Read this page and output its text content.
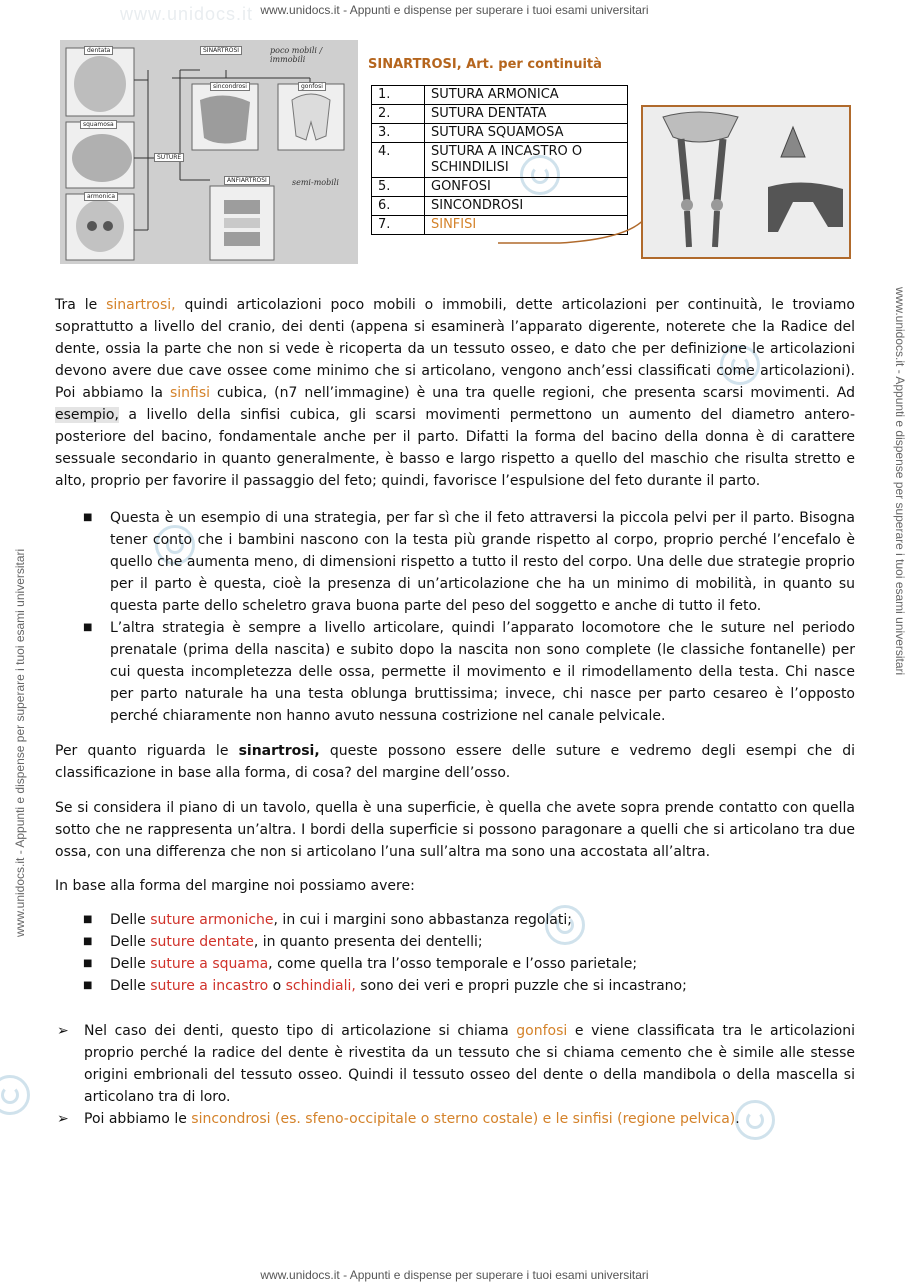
www.unidocs.it - Appunti e dispense per superare i tuoi esami universitari
www.unidocs.it - Appunti e dispense per superare i tuoi esami universitari
www.unidocs.it
www.unidocs.it - Appunti e dispense per superare i tuoi esami universitari
www.unidocs.it - Appunti e dispense per superare i tuoi esami universitari
dentata
squamosa
armonica
SINARTROSI
sincondrosi	gonfosi
SUTURE
ANFIARTROSI
poco mobili / immobili
semi-mobili
SINARTROSI, Art. per continuità
1.	SUTURA ARMONICA
2.	SUTURA DENTATA
3.	SUTURA SQUAMOSA
4.	SUTURA A INCASTRO O SCHINDILISI
5.	GONFOSI
6.	SINCONDROSI
7.	SINFISI

Tra le sinartrosi, quindi articolazioni poco mobili o immobili, dette articolazioni per continuità, le troviamo soprattutto a livello del cranio, dei denti (appena si esaminerà l’apparato digerente, noterete che la Radice del dente, ossia la parte che non si vede è ricoperta da un tessuto osseo, e dato che per definizione le articolazioni devono avere due cave ossee come minimo che si articolano, vengono anch’essi classificati come articolazioni). Poi abbiamo la sinfisi cubica, (n7 nell’immagine) è una tra quelle regioni, che presenta scarsi movimenti. Ad esempio, a livello della sinfisi cubica, gli scarsi movimenti permettono un aumento del diametro antero-posteriore del bacino, fondamentale anche per il parto. Difatti la forma del bacino della donna è di carattere sessuale secondario in quanto generalmente, è basso e largo rispetto a quello del maschio che risulta stretto e alto, proprio per favorire il passaggio del feto; quindi, favorisce l’espulsione del feto durante il parto.

■ Questa è un esempio di una strategia, per far sì che il feto attraversi la piccola pelvi per il parto. Bisogna tener conto che i bambini nascono con la testa più grande rispetto al corpo, proprio perché l’encefalo è quello che aumenta meno, di dimensioni rispetto a tutto il resto del corpo. Una delle due strategie proprio per il parto è questa, cioè la presenza di un’articolazione che ha un minimo di mobilità, in quanto su questa parte dello scheletro grava buona parte del peso del soggetto e anche di tutto il feto.
■ L’altra strategia è sempre a livello articolare, quindi l’apparato locomotore che le suture nel periodo prenatale (prima della nascita) e subito dopo la nascita non sono complete (le classiche fontanelle) per cui questa incompletezza delle ossa, permette il movimento e il rimodellamento della testa. Chi nasce per parto naturale ha una testa oblunga bruttissima; invece, chi nasce per parto cesareo è l’opposto perché chiaramente non hanno avuto nessuna costrizione nel canale pelvicale.

Per quanto riguarda le sinartrosi, queste possono essere delle suture e vedremo degli esempi che di classificazione in base alla forma, di cosa? del margine dell’osso.

Se si considera il piano di un tavolo, quella è una superficie, è quella che avete sopra prende contatto con quella sotto che ne rappresenta un’altra. I bordi della superficie si possono paragonare a quelli che si articolano tra due ossa, con una differenza che non si articolano l’una sull’altra ma sono una accostata all’altra.

In base alla forma del margine noi possiamo avere:

■ Delle suture armoniche, in cui i margini sono abbastanza regolati;
■ Delle suture dentate, in quanto presenta dei dentelli;
■ Delle suture a squama, come quella tra l’osso temporale e l’osso parietale;
■ Delle suture a incastro o schindiali, sono dei veri e propri puzzle che si incastrano;
➢ Nel caso dei denti, questo tipo di articolazione si chiama gonfosi e viene classificata tra le articolazioni proprio perché la radice del dente è rivestita da un tessuto che si chiama cemento che è simile alle stesse origini embrionali del tessuto osseo. Quindi il tessuto osseo del dente o della mandibola o della mascella si articolano tra di loro.
➢ Poi abbiamo le sincondrosi (es. sfeno-occipitale o sterno costale) e le sinfisi (regione pelvica).
